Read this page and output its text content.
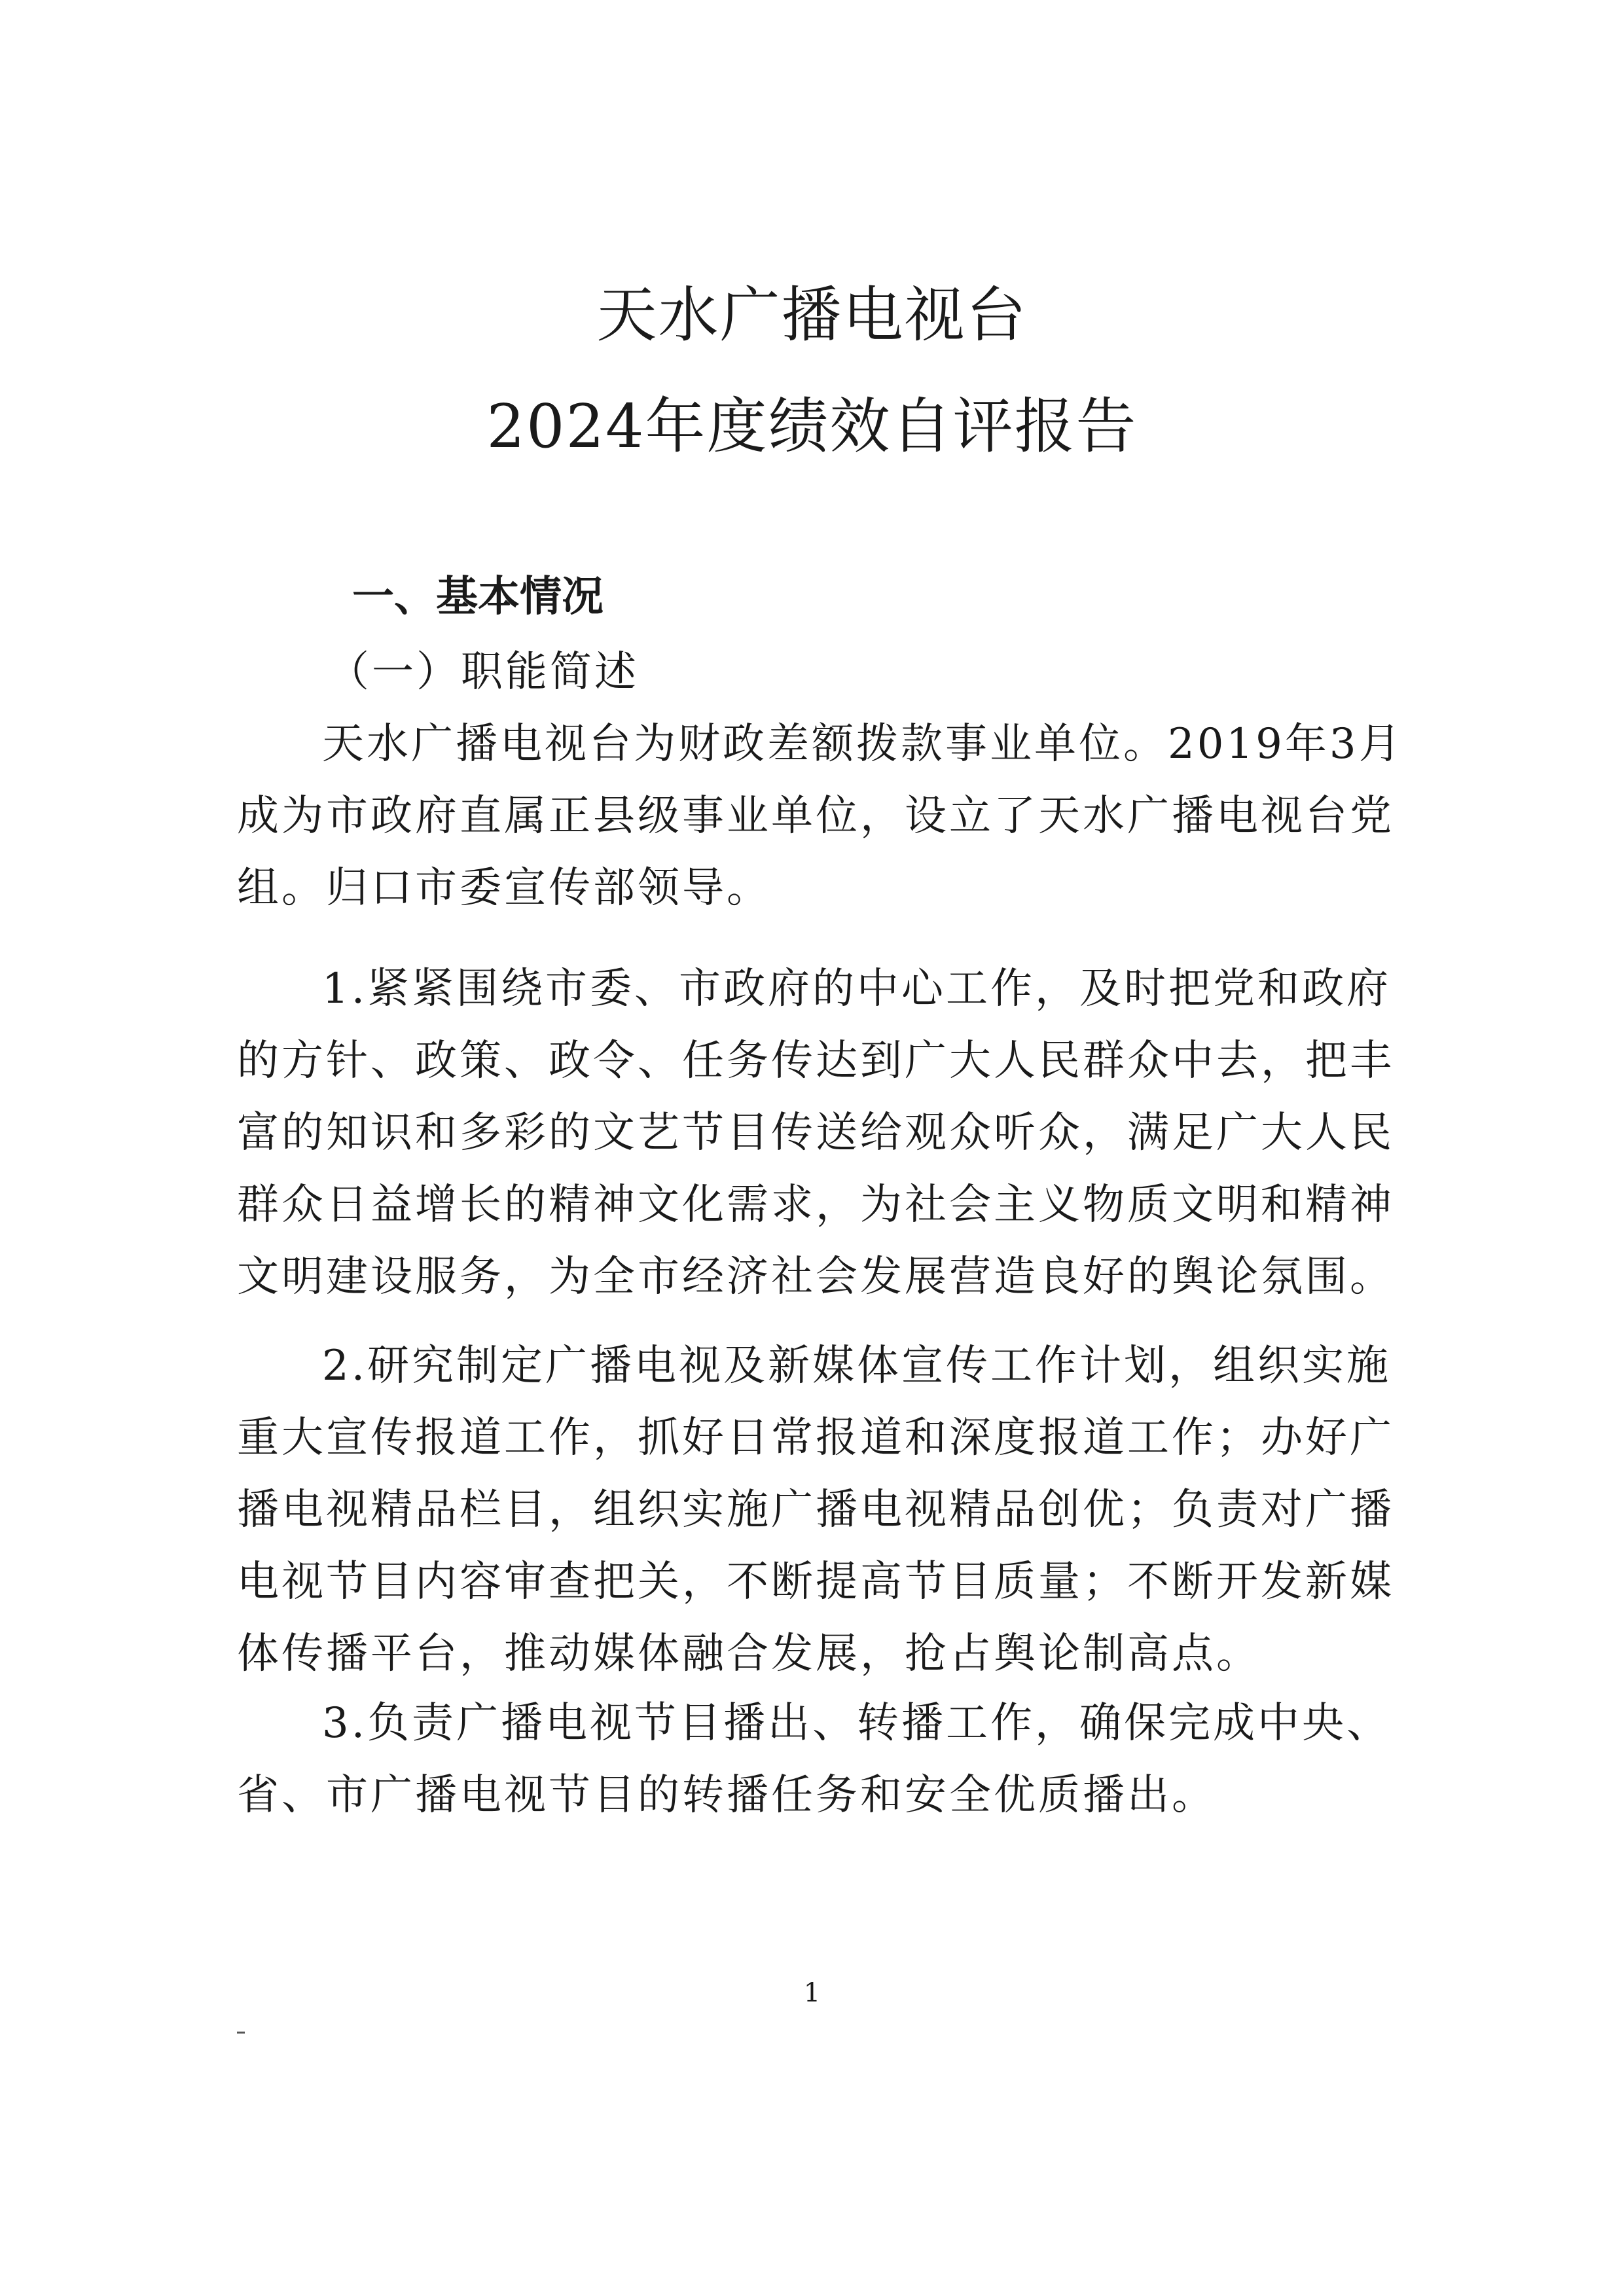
天水广播电视台
2024年度绩效自评报告
一、基本情况
（一）职能简述

天水广播电视台为财政差额拨款事业单位。2019年3月成为市政府直属正县级事业单位，设立了天水广播电视台党组。归口市委宣传部领导。

1.紧紧围绕市委、市政府的中心工作，及时把党和政府的方针、政策、政令、任务传达到广大人民群众中去，把丰富的知识和多彩的文艺节目传送给观众听众，满足广大人民群众日益增长的精神文化需求，为社会主义物质文明和精神文明建设服务，为全市经济社会发展营造良好的舆论氛围。

2.研究制定广播电视及新媒体宣传工作计划，组织实施重大宣传报道工作，抓好日常报道和深度报道工作；办好广播电视精品栏目，组织实施广播电视精品创优；负责对广播电视节目内容审查把关，不断提高节目质量；不断开发新媒体传播平台，推动媒体融合发展，抢占舆论制高点。

3.负责广播电视节目播出、转播工作，确保完成中央、省、市广播电视节目的转播任务和安全优质播出。

1
